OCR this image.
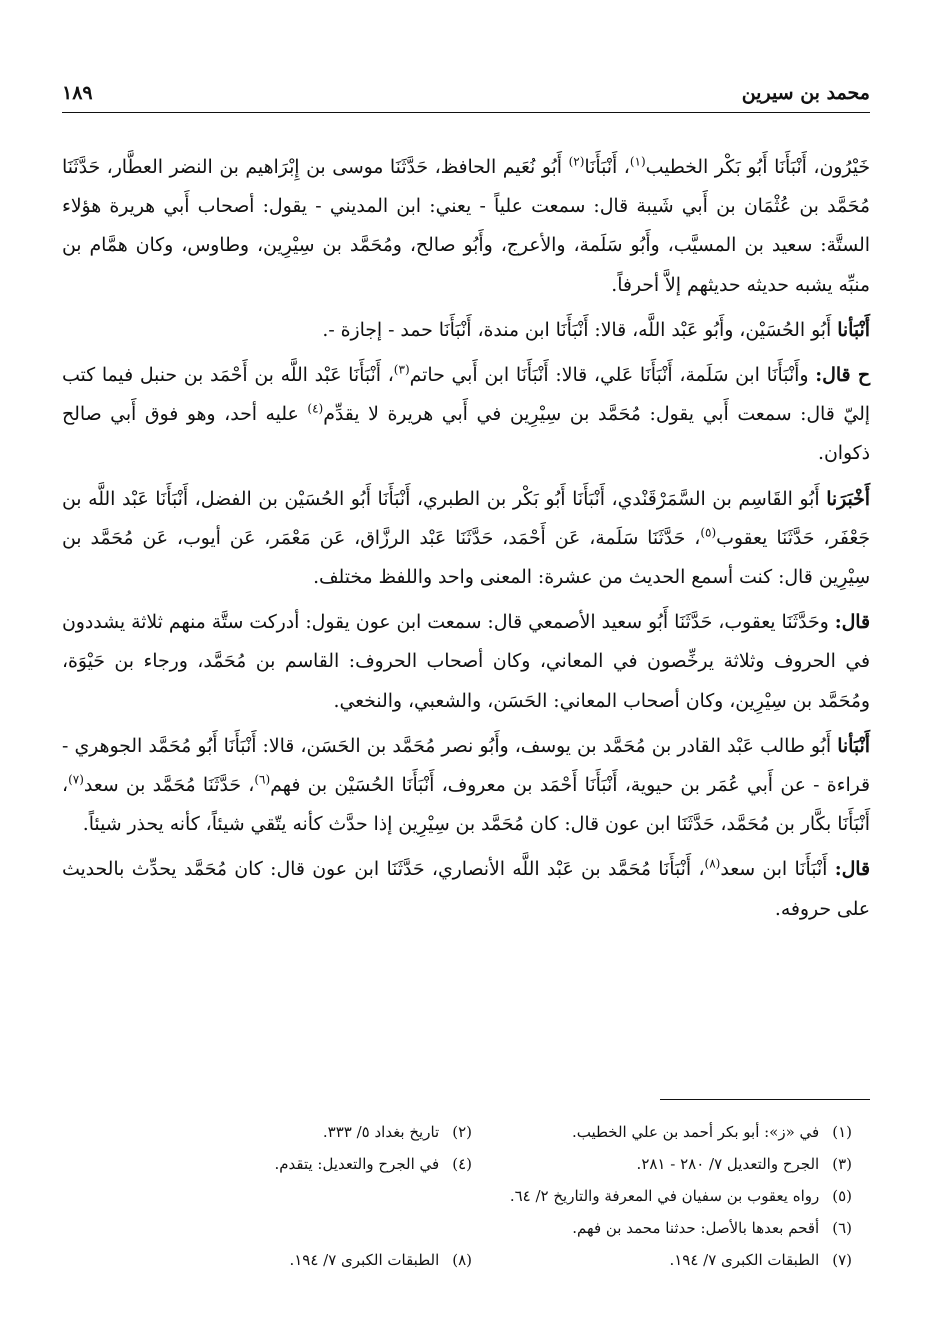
محمد بن سيرين
١٨٩

خَيْرُون، أَنْبَأَنَا أَبُو بَكْر الخطيب$^{(١)}$، أَنْبَأَنَا$^{(٢)}$ أَبُو نُعَيم الحافظ، حَدَّثَنَا موسى بن إِبْرَاهيم بن النضر العطَّار، حَدَّثَنَا مُحَمَّد بن عُثْمَان بن أَبي شَيبة قال: سمعت علياً - يعني: ابن المديني - يقول: أصحاب أَبي هريرة هؤلاء الستَّة: سعيد بن المسيَّب، وأَبُو سَلَمة، والأعرج، وأَبُو صالح، ومُحَمَّد بن سِيْرِين، وطاوس، وكان همَّام بن منبِّه يشبه حديثه حديثهم إلاَّ أحرفاً.

أَنْبَأنا أَبُو الحُسَيْن، وأَبُو عَبْد اللَّه، قالا: أَنْبَأَنَا ابن مندة، أَنْبَأَنَا حمد - إجازة -.

ح قال: وأَنْبَأَنَا ابن سَلَمة، أَنْبَأَنَا عَلي، قالا: أَنْبَأَنَا ابن أَبي حاتم$^{(٣)}$، أَنْبَأَنَا عَبْد اللَّه بن أَحْمَد بن حنبل فيما كتب إليّ قال: سمعت أَبي يقول: مُحَمَّد بن سِيْرِين في أَبي هريرة لا يقدِّم$^{(٤)}$ عليه أحد، وهو فوق أَبي صالح ذكوان.

أَخْبَرَنا أَبُو القَاسِم بن السَّمَرْقَنْدي، أَنْبَأَنَا أَبُو بَكْر بن الطبري، أَنْبَأَنَا أَبُو الحُسَيْن بن الفضل، أَنْبَأَنَا عَبْد اللَّه بن جَعْفَر، حَدَّثَنَا يعقوب$^{(٥)}$، حَدَّثَنَا سَلَمة، عَن أَحْمَد، حَدَّثَنَا عَبْد الرزَّاق، عَن مَعْمَر، عَن أيوب، عَن مُحَمَّد بن سِيْرِين قال: كنت أسمع الحديث من عشرة: المعنى واحد واللفظ مختلف.

قال: وحَدَّثَنَا يعقوب، حَدَّثَنَا أَبُو سعيد الأصمعي قال: سمعت ابن عون يقول: أدركت ستَّة منهم ثلاثة يشددون في الحروف وثلاثة يرخِّصون في المعاني، وكان أصحاب الحروف: القاسم بن مُحَمَّد، ورجاء بن حَيْوَة، ومُحَمَّد بن سِيْرِين، وكان أصحاب المعاني: الحَسَن، والشعبي، والنخعي.

أَنْبَأنا أَبُو طالب عَبْد القادر بن مُحَمَّد بن يوسف، وأَبُو نصر مُحَمَّد بن الحَسَن، قالا: أَنْبَأَنَا أَبُو مُحَمَّد الجوهري - قراءة - عن أَبي عُمَر بن حيوية، أَنْبَأَنَا أَحْمَد بن معروف، أَنْبَأَنَا الحُسَيْن بن فهم$^{(٦)}$، حَدَّثَنَا مُحَمَّد بن سعد$^{(٧)}$، أَنْبَأَنَا بكَّار بن مُحَمَّد، حَدَّثَنَا ابن عون قال: كان مُحَمَّد بن سِيْرِين إذا حدَّث كأنه يتّقي شيئاً، كأنه يحذر شيئاً.

قال: أَنْبَأَنَا ابن سعد$^{(٨)}$، أَنْبَأَنَا مُحَمَّد بن عَبْد اللَّه الأنصاري، حَدَّثَنَا ابن عون قال: كان مُحَمَّد يحدِّث بالحديث على حروفه.

(١) في «ز»: أبو بكر أحمد بن علي الخطيب.
(٢) تاريخ بغداد ٥/ ٣٣٣.
(٣) الجرح والتعديل ٧/ ٢٨٠ - ٢٨١.
(٤) في الجرح والتعديل: يتقدم.
(٥) رواه يعقوب بن سفيان في المعرفة والتاريخ ٢/ ٦٤.
(٦) أقحم بعدها بالأصل: حدثنا محمد بن فهم.
(٧) الطبقات الكبرى ٧/ ١٩٤.
(٨) الطبقات الكبرى ٧/ ١٩٤.
